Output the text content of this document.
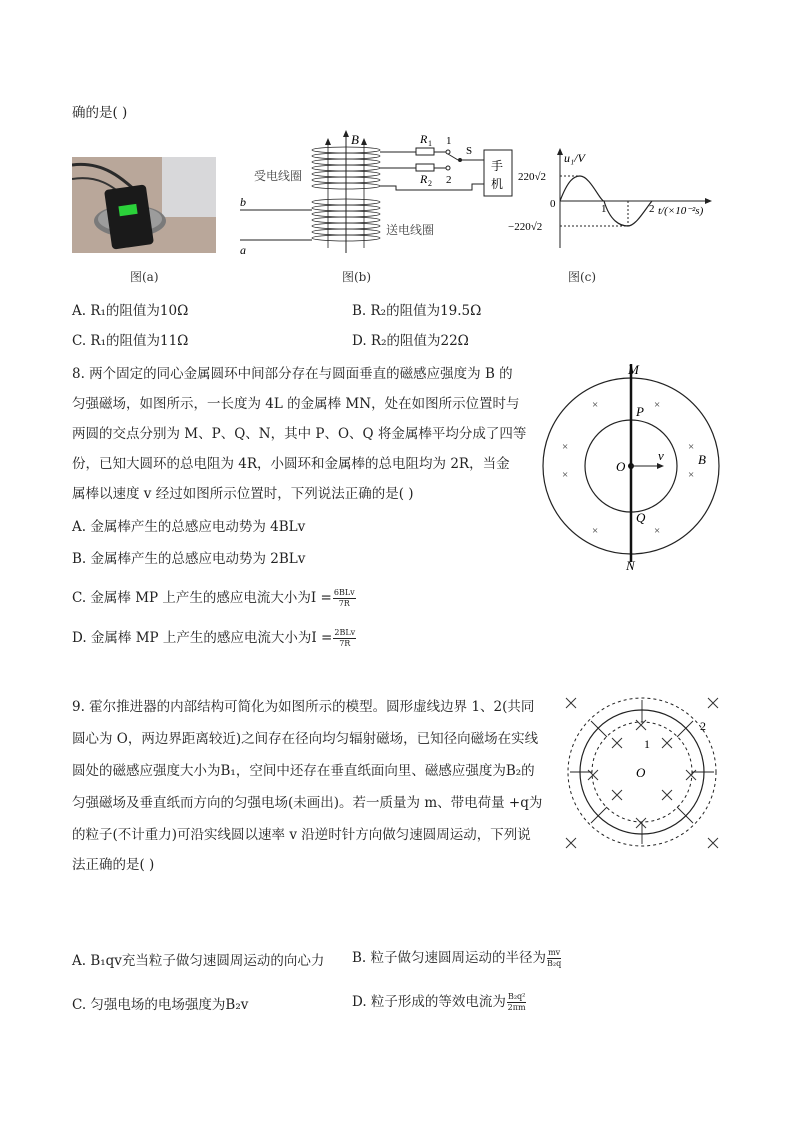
确的是( )
图(a)
B	R 1
R 2
1
2
S
手
机
受电线圈
送电线圈
b
a
图(b)
u₁/V
220√2
0
−220√2
1	2 t/(×10⁻²s)
图(c)
A. R₁的阻值为10Ω	B. R₂的阻值为19.5Ω
C. R₁的阻值为11Ω	D. R₂的阻值为22Ω
8. 两个固定的同心金属圆环中间部分存在与圆面垂直的磁感应强度为 B 的
匀强磁场，如图所示，一长度为 4L 的金属棒 MN，处在如图所示位置时与
两圆的交点分别为 M、P、Q、N，其中 P、O、Q 将金属棒平均分成了四等
份，已知大圆环的总电阻为 4R，小圆环和金属棒的总电阻均为 2R，当金
属棒以速度 v 经过如图所示位置时，下列说法正确的是( )
A. 金属棒产生的总感应电动势为 4BLv
B. 金属棒产生的总感应电动势为 2BLv
C. 金属棒 MP 上产生的感应电流大小为$I = \frac{\text{6BLv}}{7R}$
D. 金属棒 MP 上产生的感应电流大小为$I = \frac{\text{2BLv}}{7R}$
×	×
×	×
×	×
×	×
M
P
O
v	B
Q
N
9. 霍尔推进器的内部结构可简化为如图所示的模型。圆形虚线边界 1、2(共同
圆心为 O，两边界距离较近)之间存在径向均匀辐射磁场，已知径向磁场在实线
圆处的磁感应强度大小为B₁，空间中还存在垂直纸面向里、磁感应强度为B₂的
匀强磁场及垂直纸而方向的匀强电场(未画出)。若一质量为 m、带电荷量 +q为
的粒子(不计重力)可沿实线圆以速率 v 沿逆时针方向做匀速圆周运动，下列说
法正确的是( )
A. B₁qv充当粒子做匀速圆周运动的向心力 B. 粒子做匀速圆周运动的半径为 $\frac{mv}{\text{B₂q}}$
C. 匀强电场的电场强度为B₂v	D. 粒子形成的等效电流为 $\frac{\text{B₂q²}}{2\pi m}$
1
2
O
